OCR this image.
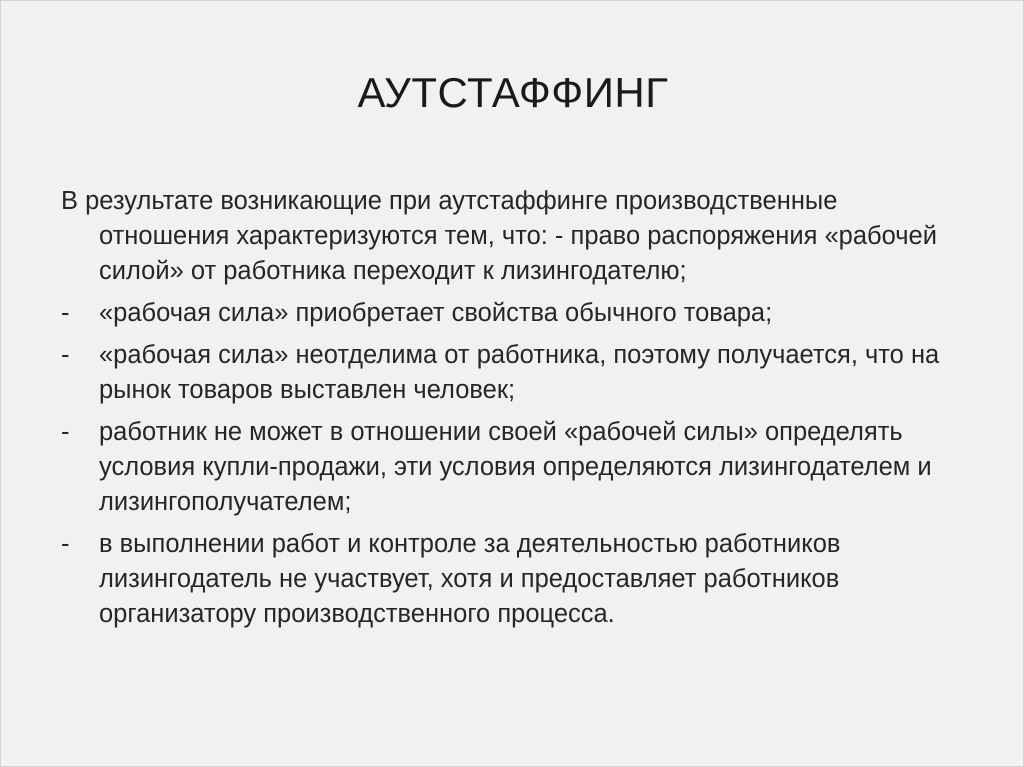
АУТСТАФФИНГ

В результате возникающие при аутстаффинге производственные отношения характеризуются тем, что: - право распоряжения «рабочей силой» от работника переходит к лизингодателю;

-	«рабочая сила» приобретает свойства обычного товара;
-	«рабочая сила» неотделима от работника, поэтому получается, что на рынок товаров выставлен человек;
-	работник не может в отношении своей «рабочей силы» определять условия купли-продажи, эти условия определяются лизингодателем и лизингополучателем;
-	в выполнении работ и контроле за деятельностью работников лизингодатель не участвует, хотя и предоставляет работников организатору производственного процесса.
